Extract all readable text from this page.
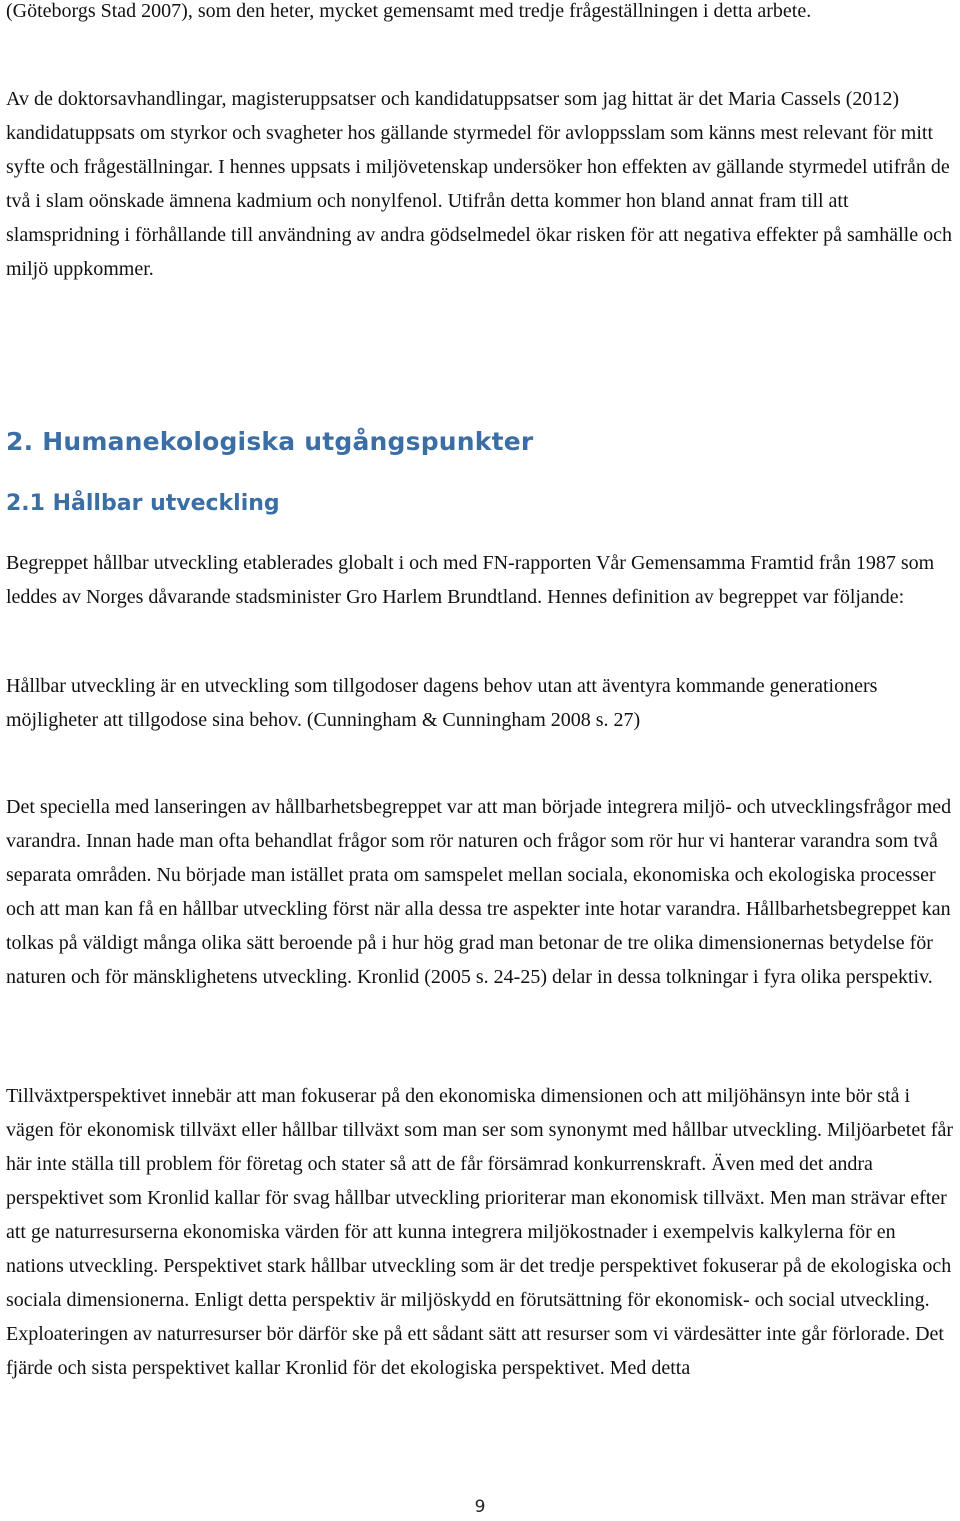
(Göteborgs Stad 2007), som den heter, mycket gemensamt med tredje frågeställningen i detta arbete.

Av de doktorsavhandlingar, magisteruppsatser och kandidatuppsatser som jag hittat är det Maria Cassels (2012) kandidatuppsats om styrkor och svagheter hos gällande styrmedel för avloppsslam som känns mest relevant för mitt syfte och frågeställningar. I hennes uppsats i miljövetenskap undersöker hon effekten av gällande styrmedel utifrån de två i slam oönskade ämnena kadmium och nonylfenol. Utifrån detta kommer hon bland annat fram till att slamspridning i förhållande till användning av andra gödselmedel ökar risken för att negativa effekter på samhälle och miljö uppkommer.

2. Humanekologiska utgångspunkter
2.1 Hållbar utveckling

Begreppet hållbar utveckling etablerades globalt i och med FN-rapporten Vår Gemensamma Framtid från 1987 som leddes av Norges dåvarande stadsminister Gro Harlem Brundtland. Hennes definition av begreppet var följande:

Hållbar utveckling är en utveckling som tillgodoser dagens behov utan att äventyra kommande generationers möjligheter att tillgodose sina behov. (Cunningham & Cunningham 2008 s. 27)

Det speciella med lanseringen av hållbarhetsbegreppet var att man började integrera miljö- och utvecklingsfrågor med varandra. Innan hade man ofta behandlat frågor som rör naturen och frågor som rör hur vi hanterar varandra som två separata områden. Nu började man istället prata om samspelet mellan sociala, ekonomiska och ekologiska processer och att man kan få en hållbar utveckling först när alla dessa tre aspekter inte hotar varandra. Hållbarhetsbegreppet kan tolkas på väldigt många olika sätt beroende på i hur hög grad man betonar de tre olika dimensionernas betydelse för naturen och för mänsklighetens utveckling. Kronlid (2005 s. 24-25) delar in dessa tolkningar i fyra olika perspektiv.

Tillväxtperspektivet innebär att man fokuserar på den ekonomiska dimensionen och att miljöhänsyn inte bör stå i vägen för ekonomisk tillväxt eller hållbar tillväxt som man ser som synonymt med hållbar utveckling. Miljöarbetet får här inte ställa till problem för företag och stater så att de får försämrad konkurrenskraft. Även med det andra perspektivet som Kronlid kallar för svag hållbar utveckling prioriterar man ekonomisk tillväxt. Men man strävar efter att ge naturresurserna ekonomiska värden för att kunna integrera miljökostnader i exempelvis kalkylerna för en nations utveckling. Perspektivet stark hållbar utveckling som är det tredje perspektivet fokuserar på de ekologiska och sociala dimensionerna. Enligt detta perspektiv är miljöskydd en förutsättning för ekonomisk- och social utveckling. Exploateringen av naturresurser bör därför ske på ett sådant sätt att resurser som vi värdesätter inte går förlorade. Det fjärde och sista perspektivet kallar Kronlid för det ekologiska perspektivet. Med detta

9
